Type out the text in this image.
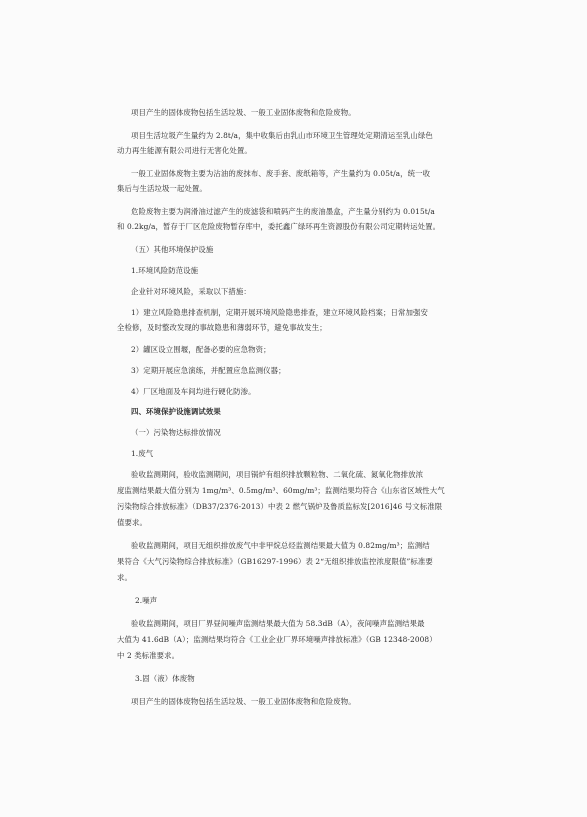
项目产生的固体废物包括生活垃圾、一般工业固体废物和危险废物。
项目生活垃圾产生量约为 2.8t/a，集中收集后由乳山市环境卫生管理处定期清运至乳山绿色
动力再生能源有限公司进行无害化处置。
一般工业固体废物主要为沾油的废抹布、废手套、废纸箱等，产生量约为 0.05t/a，统一收
集后与生活垃圾一起处置。
危险废物主要为润滑油过滤产生的废滤袋和喷码产生的废油墨盒，产生量分别约为 0.015t/a
和 0.2kg/a，暂存于厂区危险废物暂存库中，委托鑫广绿环再生资源股份有限公司定期转运处置。
（五）其他环境保护设施
1.环境风险防范设施
企业针对环境风险，采取以下措施：
1）建立风险隐患排查机制，定期开展环境风险隐患排查，建立环境风险档案；日常加强安
全检修，及时整改发现的事故隐患和薄弱环节，避免事故发生；
2）罐区设立围堰，配备必要的应急物资；
3）定期开展应急演练，并配置应急监测仪器；
4）厂区地面及车间均进行硬化防渗。
四、环境保护设施调试效果
（一）污染物达标排放情况
1.废气
验收监测期间，验收监测期间，项目锅炉有组织排放颗粒物、二氧化硫、氮氧化物排放浓
度监测结果最大值分别为 1mg/m³、0.5mg/m³、60mg/m³；监测结果均符合《山东省区域性大气
污染物综合排放标准》（DB37/2376-2013）中表 2 燃气锅炉及鲁质监标发[2016]46 号文标准限
值要求。
验收监测期间，项目无组织排放废气中非甲烷总烃监测结果最大值为 0.82mg/m³；监测结
果符合《大气污染物综合排放标准》（GB16297-1996）表 2“无组织排放监控浓度限值”标准要
求。
2.噪声
验收监测期间，项目厂界昼间噪声监测结果最大值为 58.3dB（A），夜间噪声监测结果最
大值为 41.6dB（A）；监测结果均符合《工业企业厂界环境噪声排放标准》（GB 12348-2008）
中 2 类标准要求。
3.固（液）体废物
项目产生的固体废物包括生活垃圾、一般工业固体废物和危险废物。
